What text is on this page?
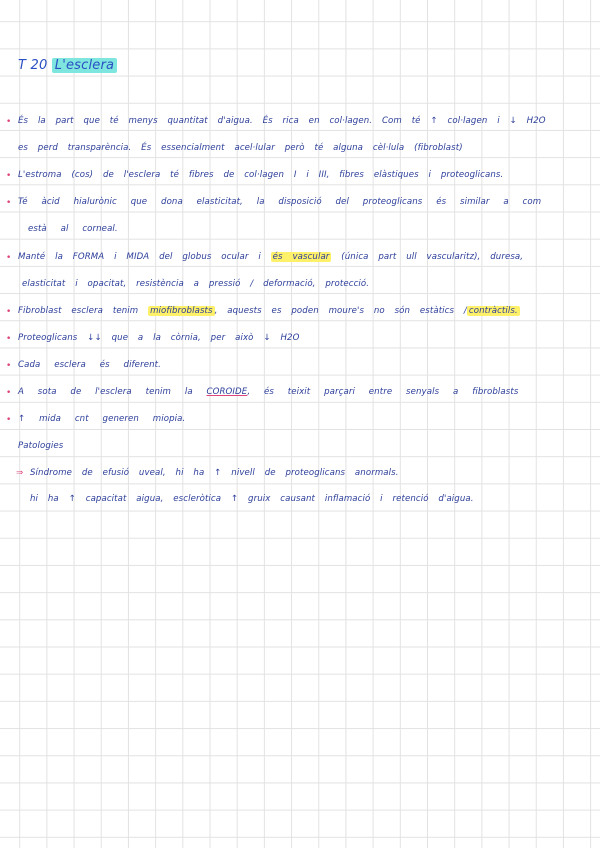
T 20 L'esclera
• És la part que té menys quantitat d'aigua. És rica en col·lagen. Com té ↑ col·lagen i ↓ H2O
es perd transparència. És essencialment acel·lular però té alguna cèl·lula (fibroblast)
• L'estroma (cos) de l'esclera té fibres de col·lagen I i III, fibres elàstiques i proteoglicans.
• Té àcid hialurònic que dona elasticitat, la disposició del proteoglicans és similar a com
està al corneal.
• Manté la FORMA i MIDA del globus ocular i és vascular (única part ull vascularitz), duresa,
elasticitat i opacitat, resistència a pressió / deformació, protecció.
• Fibroblast esclera tenim miofibroblasts , aquests es poden moure's no són estàtics / contràctils.
• Proteoglicans ↓↓ que a la còrnia, per això ↓ H2O
• Cada esclera és diferent.
• A sota de l'esclera tenim la COROIDE, és teixit parçari entre senyals a fibroblasts
• ↑ mida cnt generen miopia.
Patologies
⇒ Síndrome de efusió uveal, hi ha ↑ nivell de proteoglicans anormals.
hi ha ↑ capacitat aigua, escleròtica ↑ gruix causant inflamació i retenció d'aigua.
